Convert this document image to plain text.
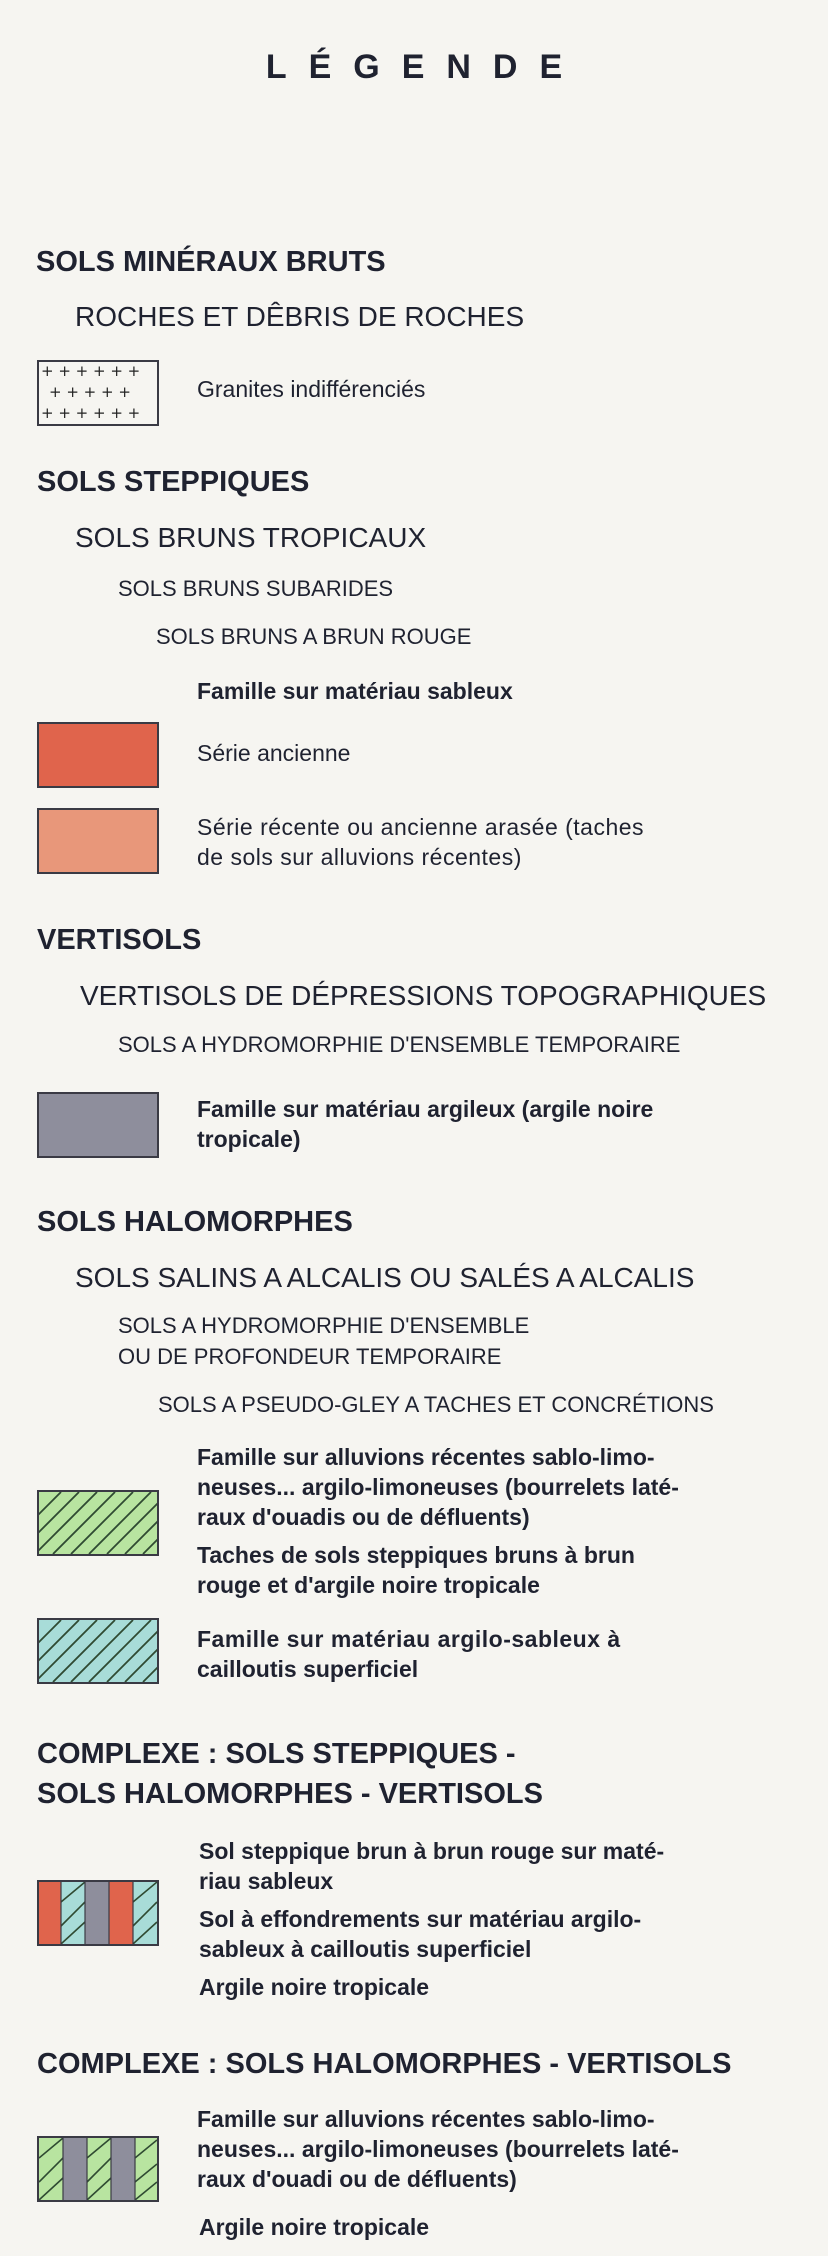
LÉGENDE
SOLS MINÉRAUX BRUTS
ROCHES ET DÊBRIS DE ROCHES
+ + + + + +
+ + + + +
+ + + + + +
Granites indifférenciés
SOLS STEPPIQUES
SOLS BRUNS TROPICAUX
SOLS BRUNS SUBARIDES
SOLS BRUNS A BRUN ROUGE
Famille sur matériau sableux
Série ancienne
Série récente ou ancienne arasée (taches
de sols sur alluvions récentes)
VERTISOLS
VERTISOLS DE DÉPRESSIONS TOPOGRAPHIQUES
SOLS A HYDROMORPHIE D'ENSEMBLE TEMPORAIRE
Famille sur matériau argileux (argile noire
tropicale)
SOLS HALOMORPHES
SOLS SALINS A ALCALIS OU SALÉS A ALCALIS
SOLS A HYDROMORPHIE D'ENSEMBLE
OU DE PROFONDEUR TEMPORAIRE
SOLS A PSEUDO-GLEY A TACHES ET CONCRÉTIONS
Famille sur alluvions récentes sablo-limo-
neuses... argilo-limoneuses (bourrelets laté-
raux d'ouadis ou de défluents)
Taches de sols steppiques bruns à brun
rouge et d'argile noire tropicale
Famille sur matériau argilo-sableux à
cailloutis superficiel
COMPLEXE : SOLS STEPPIQUES -
SOLS HALOMORPHES - VERTISOLS
Sol steppique brun à brun rouge sur maté-
riau sableux
Sol à effondrements sur matériau argilo-
sableux à cailloutis superficiel
Argile noire tropicale
COMPLEXE : SOLS HALOMORPHES - VERTISOLS
Famille sur alluvions récentes sablo-limo-
neuses... argilo-limoneuses (bourrelets laté-
raux d'ouadi ou de défluents)
Argile noire tropicale
